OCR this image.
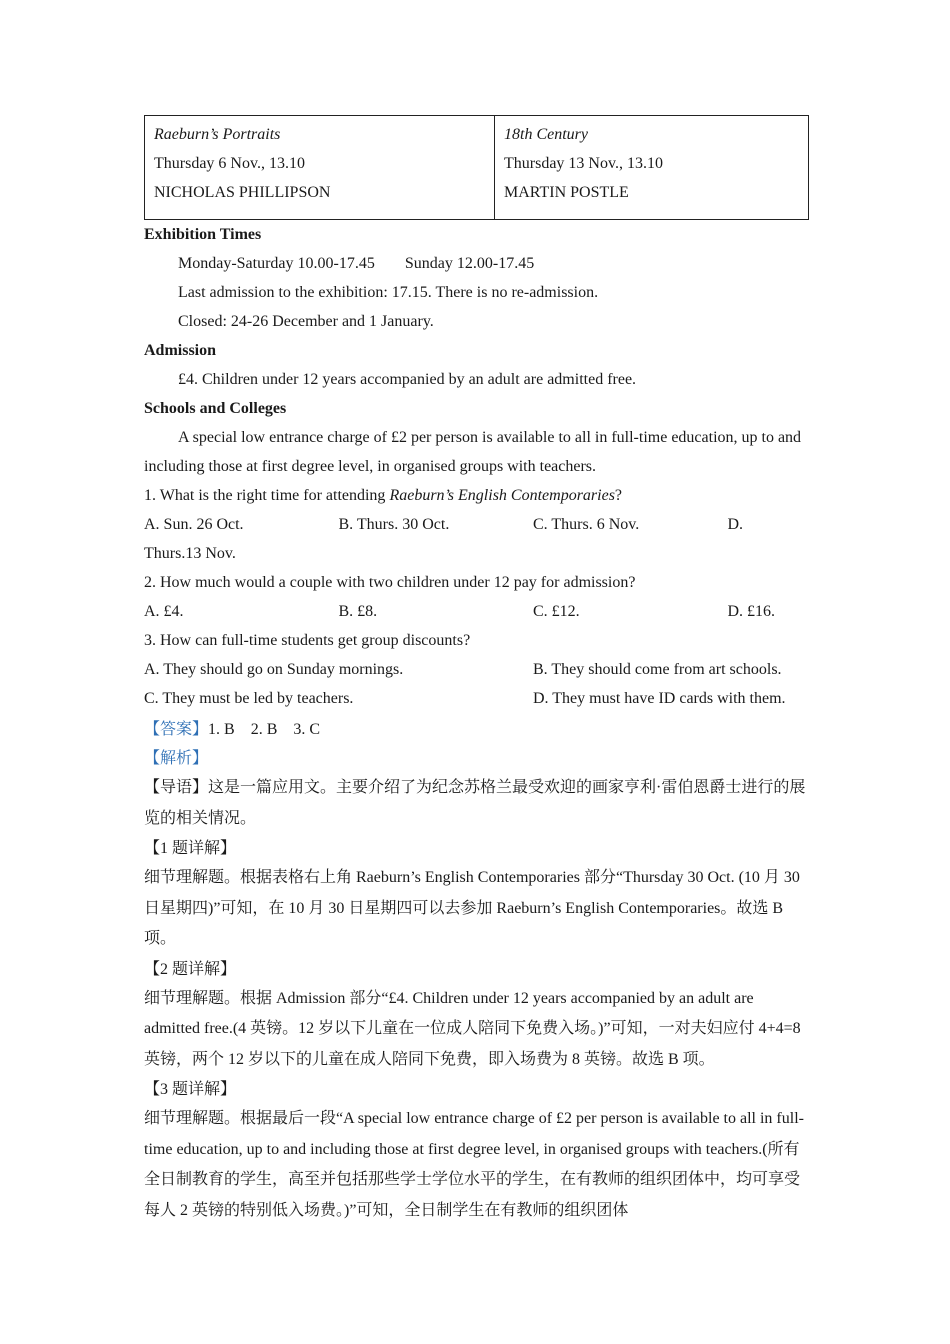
Raeburn’s Portraits
Thursday 6 Nov., 13.10
NICHOLAS PHILLIPSON

18th Century
Thursday 13 Nov., 13.10
MARTIN POSTLE
Exhibition Times
Monday-Saturday 10.00-17.45 Sunday 12.00-17.45
Last admission to the exhibition: 17.15. There is no re-admission.
Closed: 24-26 December and 1 January.
Admission
£4. Children under 12 years accompanied by an adult are admitted free.
Schools and Colleges
A special low entrance charge of £2 per person is available to all in full-time education, up to and including those at first degree level, in organised groups with teachers.
1. What is the right time for attending Raeburn’s English Contemporaries?
A. Sun. 26 Oct.	B. Thurs. 30 Oct.	C. Thurs. 6 Nov.	D.
Thurs.13 Nov.
2. How much would a couple with two children under 12 pay for admission?
A. £4.	B. £8.	C. £12.	D. £16.
3. How can full-time students get group discounts?
A. They should go on Sunday mornings.	B. They should come from art schools.
C. They must be led by teachers.	D. They must have ID cards with them.
【答案】1. B    2. B    3. C
【解析】
【导语】这是一篇应用文。主要介绍了为纪念苏格兰最受欢迎的画家亨利·雷伯恩爵士进行的展览的相关情况。
【1 题详解】
细节理解题。根据表格右上角 Raeburn’s English Contemporaries 部分“Thursday 30 Oct. (10 月 30 日星期四)”可知，在 10 月 30 日星期四可以去参加 Raeburn’s English Contemporaries。故选 B 项。
【2 题详解】
细节理解题。根据 Admission 部分“£4. Children under 12 years accompanied by an adult are admitted free.(4 英镑。12 岁以下儿童在一位成人陪同下免费入场。)”可知，一对夫妇应付 4+4=8 英镑，两个 12 岁以下的儿童在成人陪同下免费，即入场费为 8 英镑。故选 B 项。
【3 题详解】
细节理解题。根据最后一段“A special low entrance charge of £2 per person is available to all in full-time education, up to and including those at first degree level, in organised groups with teachers.(所有全日制教育的学生，高至并包括那些学士学位水平的学生，在有教师的组织团体中，均可享受每人 2 英镑的特别低入场费。)”可知，全日制学生在有教师的组织团体
